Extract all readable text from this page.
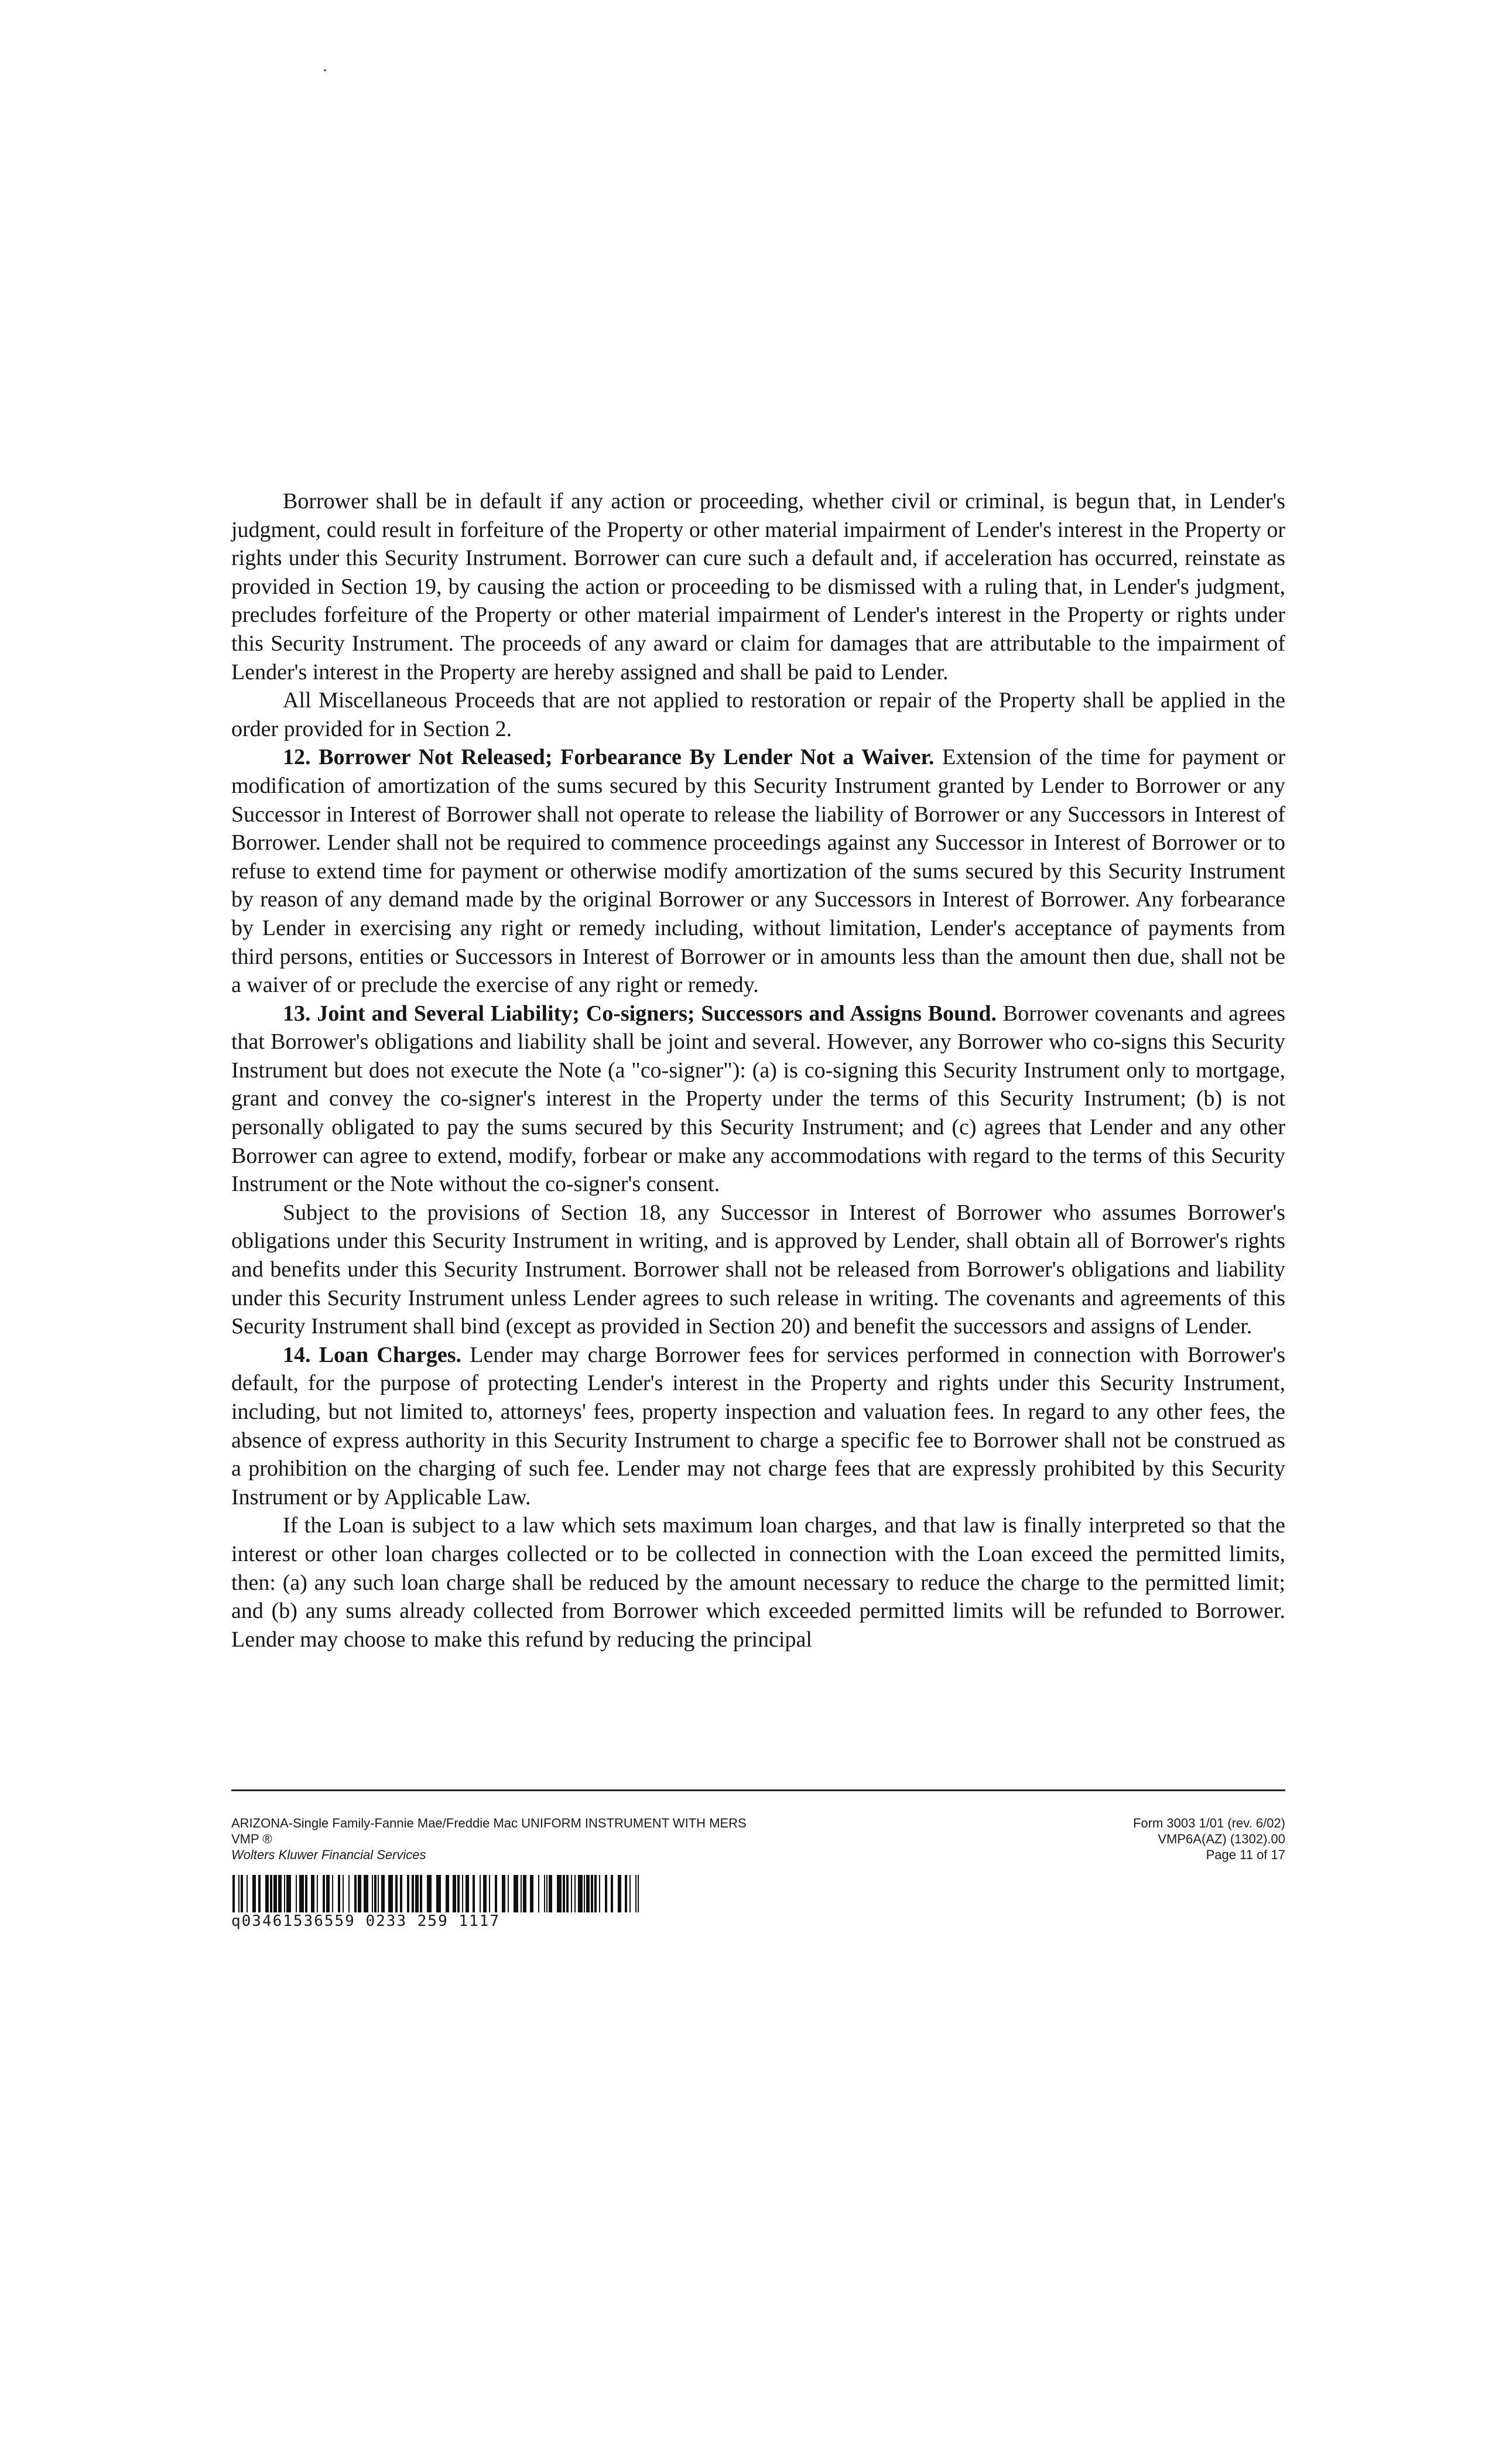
Borrower shall be in default if any action or proceeding, whether civil or criminal, is begun that, in Lender's judgment, could result in forfeiture of the Property or other material impairment of Lender's interest in the Property or rights under this Security Instrument. Borrower can cure such a default and, if acceleration has occurred, reinstate as provided in Section 19, by causing the action or proceeding to be dismissed with a ruling that, in Lender's judgment, precludes forfeiture of the Property or other material impairment of Lender's interest in the Property or rights under this Security Instrument. The proceeds of any award or claim for damages that are attributable to the impairment of Lender's interest in the Property are hereby assigned and shall be paid to Lender.

All Miscellaneous Proceeds that are not applied to restoration or repair of the Property shall be applied in the order provided for in Section 2.

12. Borrower Not Released; Forbearance By Lender Not a Waiver. Extension of the time for payment or modification of amortization of the sums secured by this Security Instrument granted by Lender to Borrower or any Successor in Interest of Borrower shall not operate to release the liability of Borrower or any Successors in Interest of Borrower. Lender shall not be required to commence proceedings against any Successor in Interest of Borrower or to refuse to extend time for payment or otherwise modify amortization of the sums secured by this Security Instrument by reason of any demand made by the original Borrower or any Successors in Interest of Borrower. Any forbearance by Lender in exercising any right or remedy including, without limitation, Lender's acceptance of payments from third persons, entities or Successors in Interest of Borrower or in amounts less than the amount then due, shall not be a waiver of or preclude the exercise of any right or remedy.

13. Joint and Several Liability; Co-signers; Successors and Assigns Bound. Borrower covenants and agrees that Borrower's obligations and liability shall be joint and several. However, any Borrower who co-signs this Security Instrument but does not execute the Note (a "co-signer"): (a) is co-signing this Security Instrument only to mortgage, grant and convey the co-signer's interest in the Property under the terms of this Security Instrument; (b) is not personally obligated to pay the sums secured by this Security Instrument; and (c) agrees that Lender and any other Borrower can agree to extend, modify, forbear or make any accommodations with regard to the terms of this Security Instrument or the Note without the co-signer's consent.

Subject to the provisions of Section 18, any Successor in Interest of Borrower who assumes Borrower's obligations under this Security Instrument in writing, and is approved by Lender, shall obtain all of Borrower's rights and benefits under this Security Instrument. Borrower shall not be released from Borrower's obligations and liability under this Security Instrument unless Lender agrees to such release in writing. The covenants and agreements of this Security Instrument shall bind (except as provided in Section 20) and benefit the successors and assigns of Lender.

14. Loan Charges. Lender may charge Borrower fees for services performed in connection with Borrower's default, for the purpose of protecting Lender's interest in the Property and rights under this Security Instrument, including, but not limited to, attorneys' fees, property inspection and valuation fees. In regard to any other fees, the absence of express authority in this Security Instrument to charge a specific fee to Borrower shall not be construed as a prohibition on the charging of such fee. Lender may not charge fees that are expressly prohibited by this Security Instrument or by Applicable Law.

If the Loan is subject to a law which sets maximum loan charges, and that law is finally interpreted so that the interest or other loan charges collected or to be collected in connection with the Loan exceed the permitted limits, then: (a) any such loan charge shall be reduced by the amount necessary to reduce the charge to the permitted limit; and (b) any sums already collected from Borrower which exceeded permitted limits will be refunded to Borrower. Lender may choose to make this refund by reducing the principal

ARIZONA-Single Family-Fannie Mae/Freddie Mac UNIFORM INSTRUMENT WITH MERS
VMP ®
Wolters Kluwer Financial Services
Form 3003 1/01 (rev. 6/02)
VMP6A(AZ) (1302).00
Page 11 of 17
q03461536559 0233 259 1117
